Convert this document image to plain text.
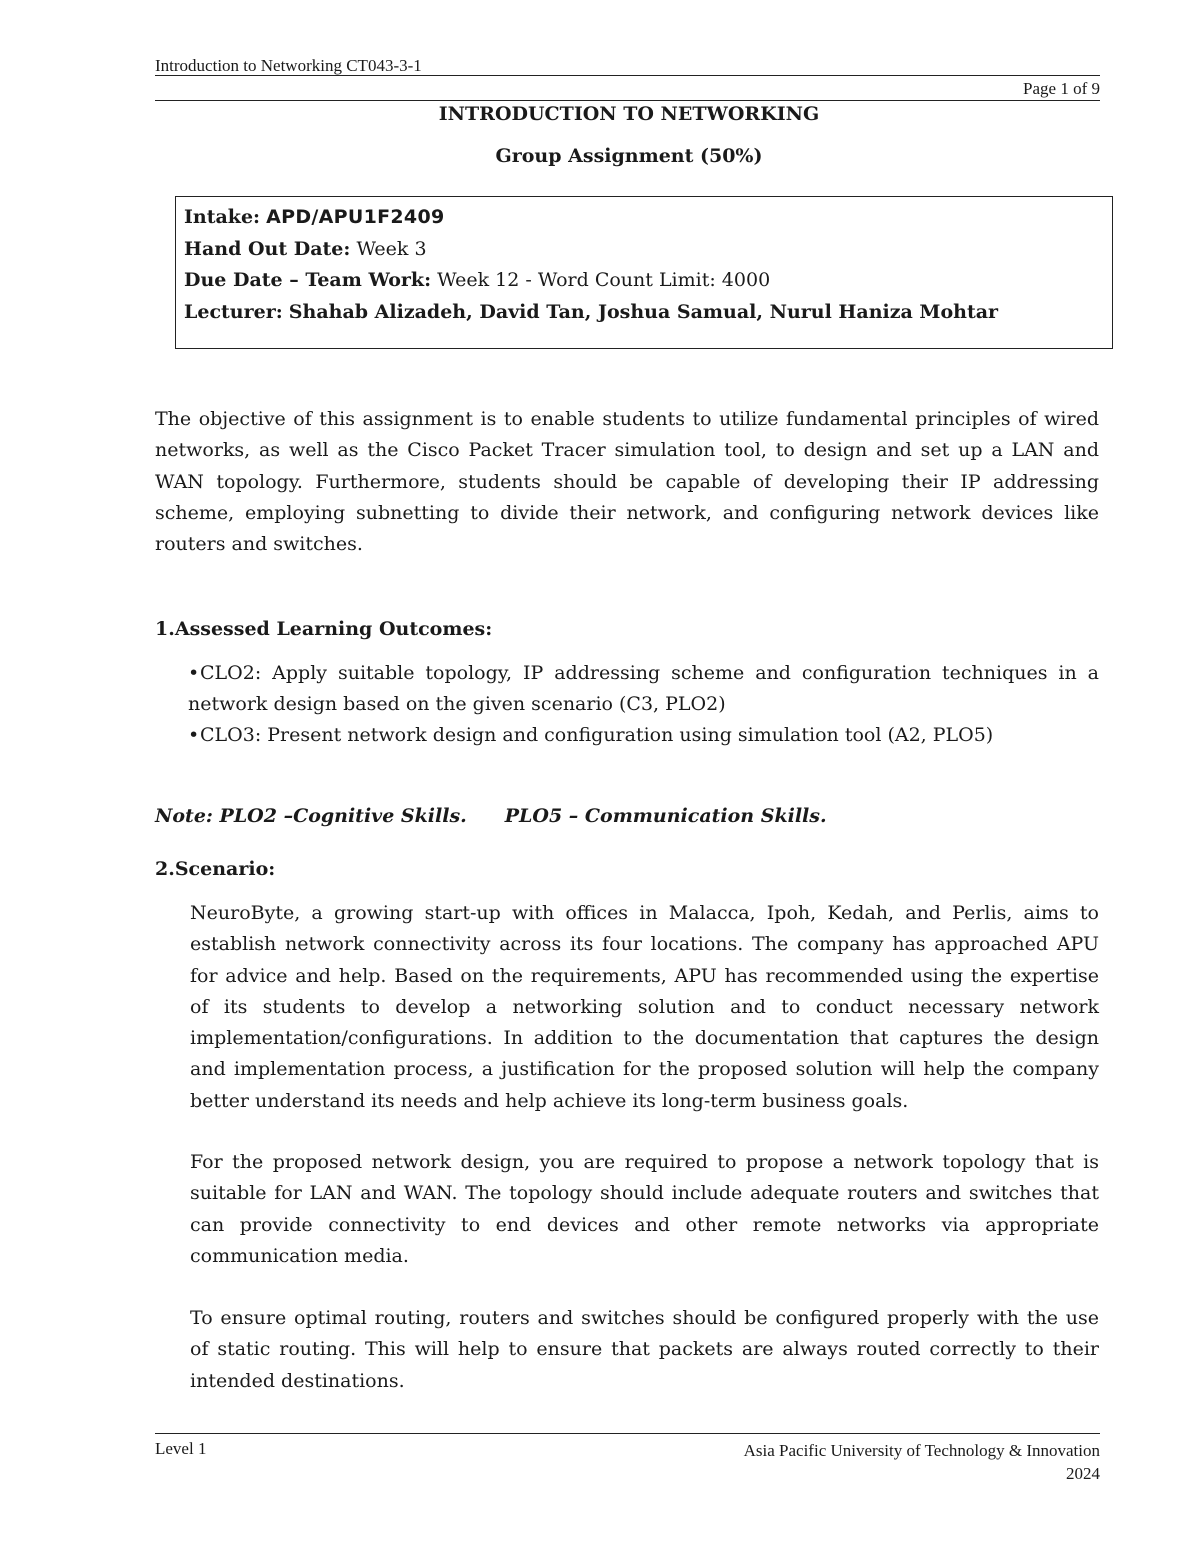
Introduction to Networking CT043-3-1
Page 1 of 9
INTRODUCTION TO NETWORKING
Group Assignment (50%)
Intake: APD/APU1F2409
Hand Out Date: Week 3
Due Date – Team Work: Week 12 - Word Count Limit: 4000
Lecturer: Shahab Alizadeh, David Tan, Joshua Samual, Nurul Haniza Mohtar
The objective of this assignment is to enable students to utilize fundamental principles of wired networks, as well as the Cisco Packet Tracer simulation tool, to design and set up a LAN and WAN topology. Furthermore, students should be capable of developing their IP addressing scheme, employing subnetting to divide their network, and configuring network devices like routers and switches.
1.Assessed Learning Outcomes:
•CLO2: Apply suitable topology, IP addressing scheme and configuration techniques in a network design based on the given scenario (C3, PLO2)
•CLO3: Present network design and configuration using simulation tool (A2, PLO5)
Note: PLO2 –Cognitive Skills. PLO5 – Communication Skills.
2.Scenario:
NeuroByte, a growing start-up with offices in Malacca, Ipoh, Kedah, and Perlis, aims to establish network connectivity across its four locations. The company has approached APU for advice and help. Based on the requirements, APU has recommended using the expertise of its students to develop a networking solution and to conduct necessary network implementation/configurations. In addition to the documentation that captures the design and implementation process, a justification for the proposed solution will help the company better understand its needs and help achieve its long-term business goals.
For the proposed network design, you are required to propose a network topology that is suitable for LAN and WAN. The topology should include adequate routers and switches that can provide connectivity to end devices and other remote networks via appropriate communication media.
To ensure optimal routing, routers and switches should be configured properly with the use of static routing. This will help to ensure that packets are always routed correctly to their intended destinations.
Level 1	Asia Pacific University of Technology & Innovation
2024
